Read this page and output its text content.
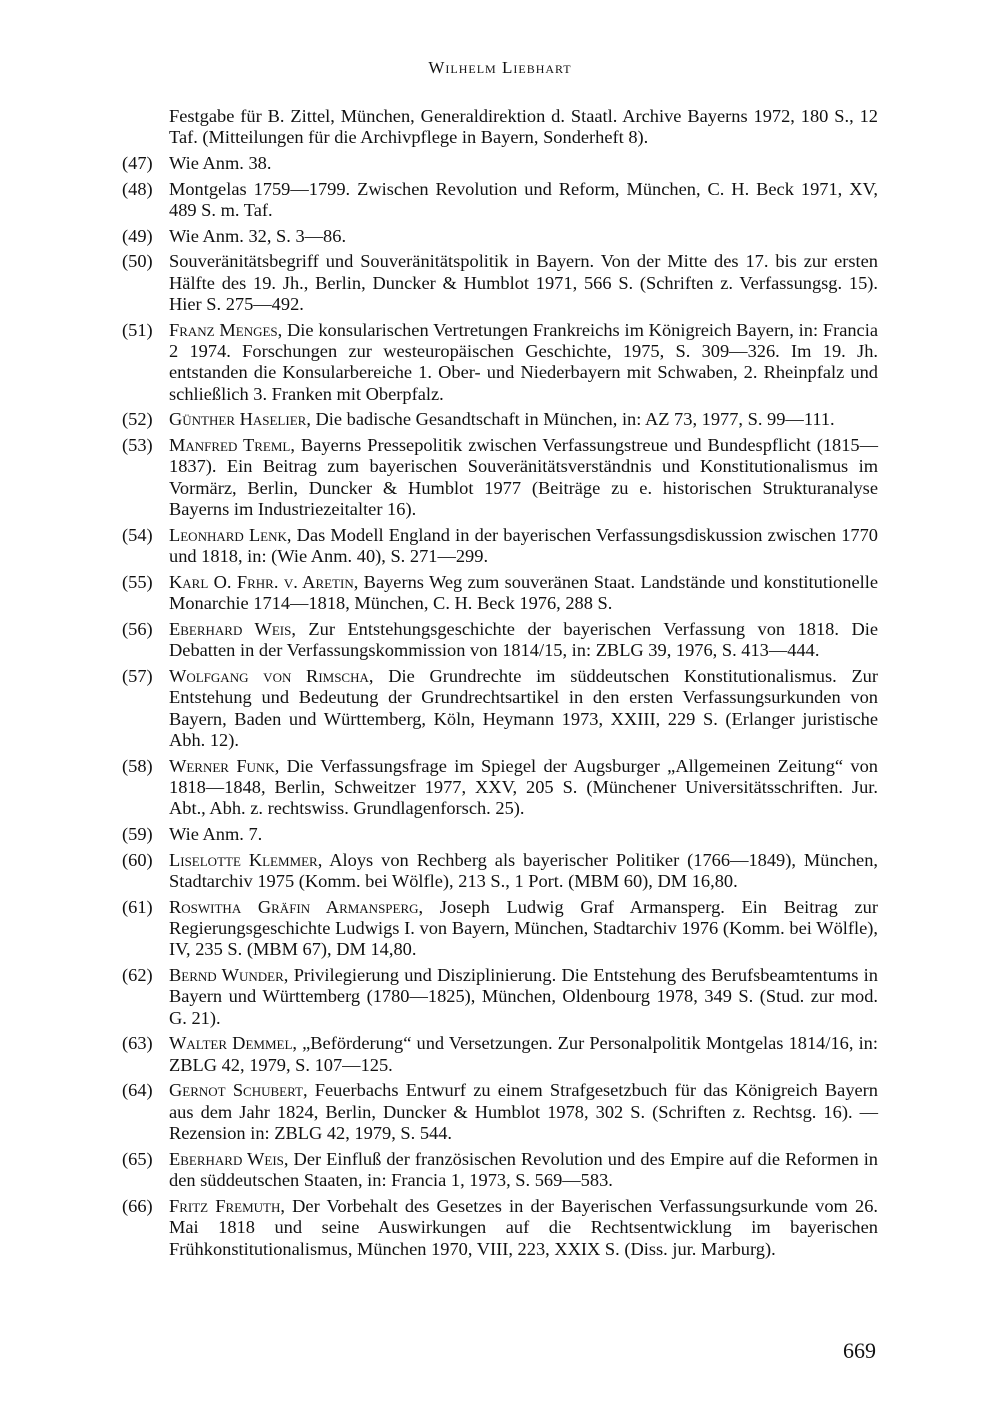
Wilhelm Liebhart
Festgabe für B. Zittel, München, Generaldirektion d. Staatl. Archive Bayerns 1972, 180 S., 12 Taf. (Mitteilungen für die Archivpflege in Bayern, Sonderheft 8).
(47) Wie Anm. 38.
(48) Montgelas 1759—1799. Zwischen Revolution und Reform, München, C. H. Beck 1971, XV, 489 S. m. Taf.
(49) Wie Anm. 32, S. 3—86.
(50) Souveränitätsbegriff und Souveränitätspolitik in Bayern. Von der Mitte des 17. bis zur ersten Hälfte des 19. Jh., Berlin, Duncker & Humblot 1971, 566 S. (Schriften z. Verfassungsg. 15). Hier S. 275—492.
(51) Franz Menges, Die konsularischen Vertretungen Frankreichs im Königreich Bayern, in: Francia 2 1974. Forschungen zur westeuropäischen Geschichte, 1975, S. 309—326. Im 19. Jh. entstanden die Konsularbereiche 1. Ober- und Niederbayern mit Schwaben, 2. Rheinpfalz und schließlich 3. Franken mit Oberpfalz.
(52) Günther Haselier, Die badische Gesandtschaft in München, in: AZ 73, 1977, S. 99—111.
(53) Manfred Treml, Bayerns Pressepolitik zwischen Verfassungstreue und Bundespflicht (1815—1837). Ein Beitrag zum bayerischen Souveränitätsverständnis und Konstitutionalismus im Vormärz, Berlin, Duncker & Humblot 1977 (Beiträge zu e. historischen Strukturanalyse Bayerns im Industriezeitalter 16).
(54) Leonhard Lenk, Das Modell England in der bayerischen Verfassungsdiskussion zwischen 1770 und 1818, in: (Wie Anm. 40), S. 271—299.
(55) Karl O. Frhr. v. Aretin, Bayerns Weg zum souveränen Staat. Landstände und konstitutionelle Monarchie 1714—1818, München, C. H. Beck 1976, 288 S.
(56) Eberhard Weis, Zur Entstehungsgeschichte der bayerischen Verfassung von 1818. Die Debatten in der Verfassungskommission von 1814/15, in: ZBLG 39, 1976, S. 413—444.
(57) Wolfgang von Rimscha, Die Grundrechte im süddeutschen Konstitutionalismus. Zur Entstehung und Bedeutung der Grundrechtsartikel in den ersten Verfassungsurkunden von Bayern, Baden und Württemberg, Köln, Heymann 1973, XXIII, 229 S. (Erlanger juristische Abh. 12).
(58) Werner Funk, Die Verfassungsfrage im Spiegel der Augsburger „Allgemeinen Zeitung“ von 1818—1848, Berlin, Schweitzer 1977, XXV, 205 S. (Münchener Universitätsschriften. Jur. Abt., Abh. z. rechtswiss. Grundlagenforsch. 25).
(59) Wie Anm. 7.
(60) Liselotte Klemmer, Aloys von Rechberg als bayerischer Politiker (1766—1849), München, Stadtarchiv 1975 (Komm. bei Wölfle), 213 S., 1 Port. (MBM 60), DM 16,80.
(61) Roswitha Gräfin Armansperg, Joseph Ludwig Graf Armansperg. Ein Beitrag zur Regierungsgeschichte Ludwigs I. von Bayern, München, Stadtarchiv 1976 (Komm. bei Wölfle), IV, 235 S. (MBM 67), DM 14,80.
(62) Bernd Wunder, Privilegierung und Disziplinierung. Die Entstehung des Berufsbeamtentums in Bayern und Württemberg (1780—1825), München, Oldenbourg 1978, 349 S. (Stud. zur mod. G. 21).
(63) Walter Demmel, „Beförderung“ und Versetzungen. Zur Personalpolitik Montgelas 1814/16, in: ZBLG 42, 1979, S. 107—125.
(64) Gernot Schubert, Feuerbachs Entwurf zu einem Strafgesetzbuch für das Königreich Bayern aus dem Jahr 1824, Berlin, Duncker & Humblot 1978, 302 S. (Schriften z. Rechtsg. 16). — Rezension in: ZBLG 42, 1979, S. 544.
(65) Eberhard Weis, Der Einfluß der französischen Revolution und des Empire auf die Reformen in den süddeutschen Staaten, in: Francia 1, 1973, S. 569—583.
(66) Fritz Fremuth, Der Vorbehalt des Gesetzes in der Bayerischen Verfassungsurkunde vom 26. Mai 1818 und seine Auswirkungen auf die Rechtsentwicklung im bayerischen Frühkonstitutionalismus, München 1970, VIII, 223, XXIX S. (Diss. jur. Marburg).
669
